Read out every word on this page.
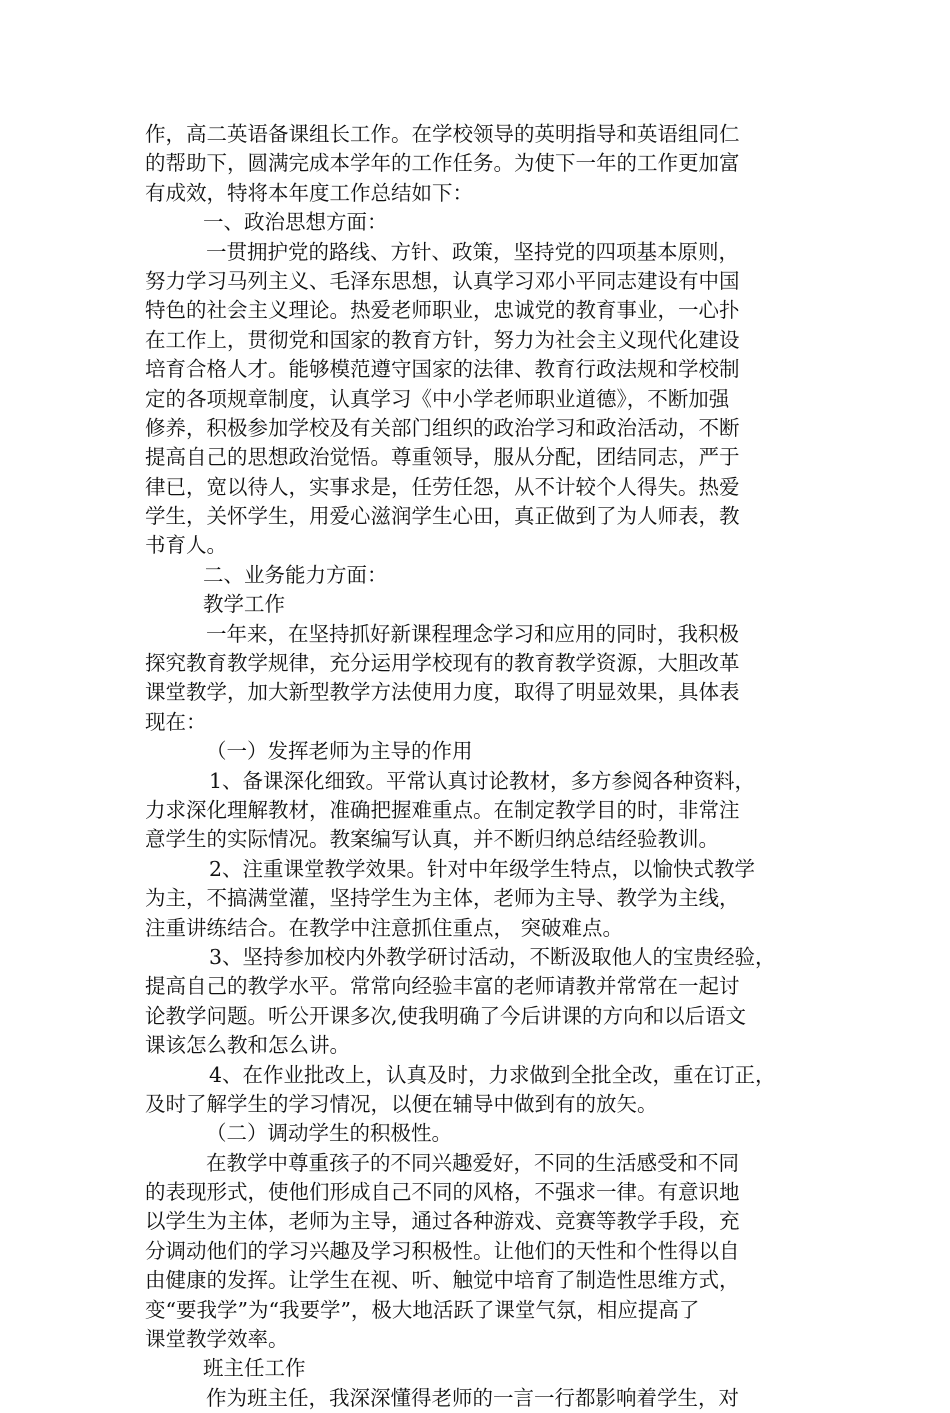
作，高二英语备课组长工作。在学校领导的英明指导和英语组同仁
的帮助下，圆满完成本学年的工作任务。为使下一年的工作更加富
有成效，特将本年度工作总结如下：
一、政治思想方面：
一贯拥护党的路线、方针、政策，坚持党的四项基本原则，
努力学习马列主义、毛泽东思想，认真学习邓小平同志建设有中国
特色的社会主义理论。热爱老师职业，忠诚党的教育事业，一心扑
在工作上，贯彻党和国家的教育方针，努力为社会主义现代化建设
培育合格人才。能够模范遵守国家的法律、教育行政法规和学校制
定的各项规章制度，认真学习《中小学老师职业道德》，不断加强
修养，积极参加学校及有关部门组织的政治学习和政治活动，不断
提高自己的思想政治觉悟。尊重领导，服从分配，团结同志，严于
律已，宽以待人，实事求是，任劳任怨，从不计较个人得失。热爱
学生，关怀学生，用爱心滋润学生心田，真正做到了为人师表，教
书育人。
二、业务能力方面：
教学工作
一年来，在坚持抓好新课程理念学习和应用的同时，我积极
探究教育教学规律，充分运用学校现有的教育教学资源，大胆改革
课堂教学，加大新型教学方法使用力度，取得了明显效果，具体表
现在：
（一）发挥老师为主导的作用
1、备课深化细致。平常认真讨论教材，多方参阅各种资料，
力求深化理解教材，准确把握难重点。在制定教学目的时，非常注
意学生的实际情况。教案编写认真，并不断归纳总结经验教训。
2、注重课堂教学效果。针对中年级学生特点，以愉快式教学
为主，不搞满堂灌，坚持学生为主体，老师为主导、教学为主线，
注重讲练结合。在教学中注意抓住重点， 突破难点。
3、坚持参加校内外教学研讨活动，不断汲取他人的宝贵经验，
提高自己的教学水平。常常向经验丰富的老师请教并常常在一起讨
论教学问题。听公开课多次,使我明确了今后讲课的方向和以后语文
课该怎么教和怎么讲。
4、在作业批改上，认真及时，力求做到全批全改，重在订正，
及时了解学生的学习情况，以便在辅导中做到有的放矢。
（二）调动学生的积极性。
在教学中尊重孩子的不同兴趣爱好，不同的生活感受和不同
的表现形式，使他们形成自己不同的风格，不强求一律。有意识地
以学生为主体，老师为主导，通过各种游戏、竞赛等教学手段，充
分调动他们的学习兴趣及学习积极性。让他们的天性和个性得以自
由健康的发挥。让学生在视、听、触觉中培育了制造性思维方式，
变“要我学”为“我要学”，极大地活跃了课堂气氛，相应提高了
课堂教学效率。
班主任工作
作为班主任，我深深懂得老师的一言一行都影响着学生，对
